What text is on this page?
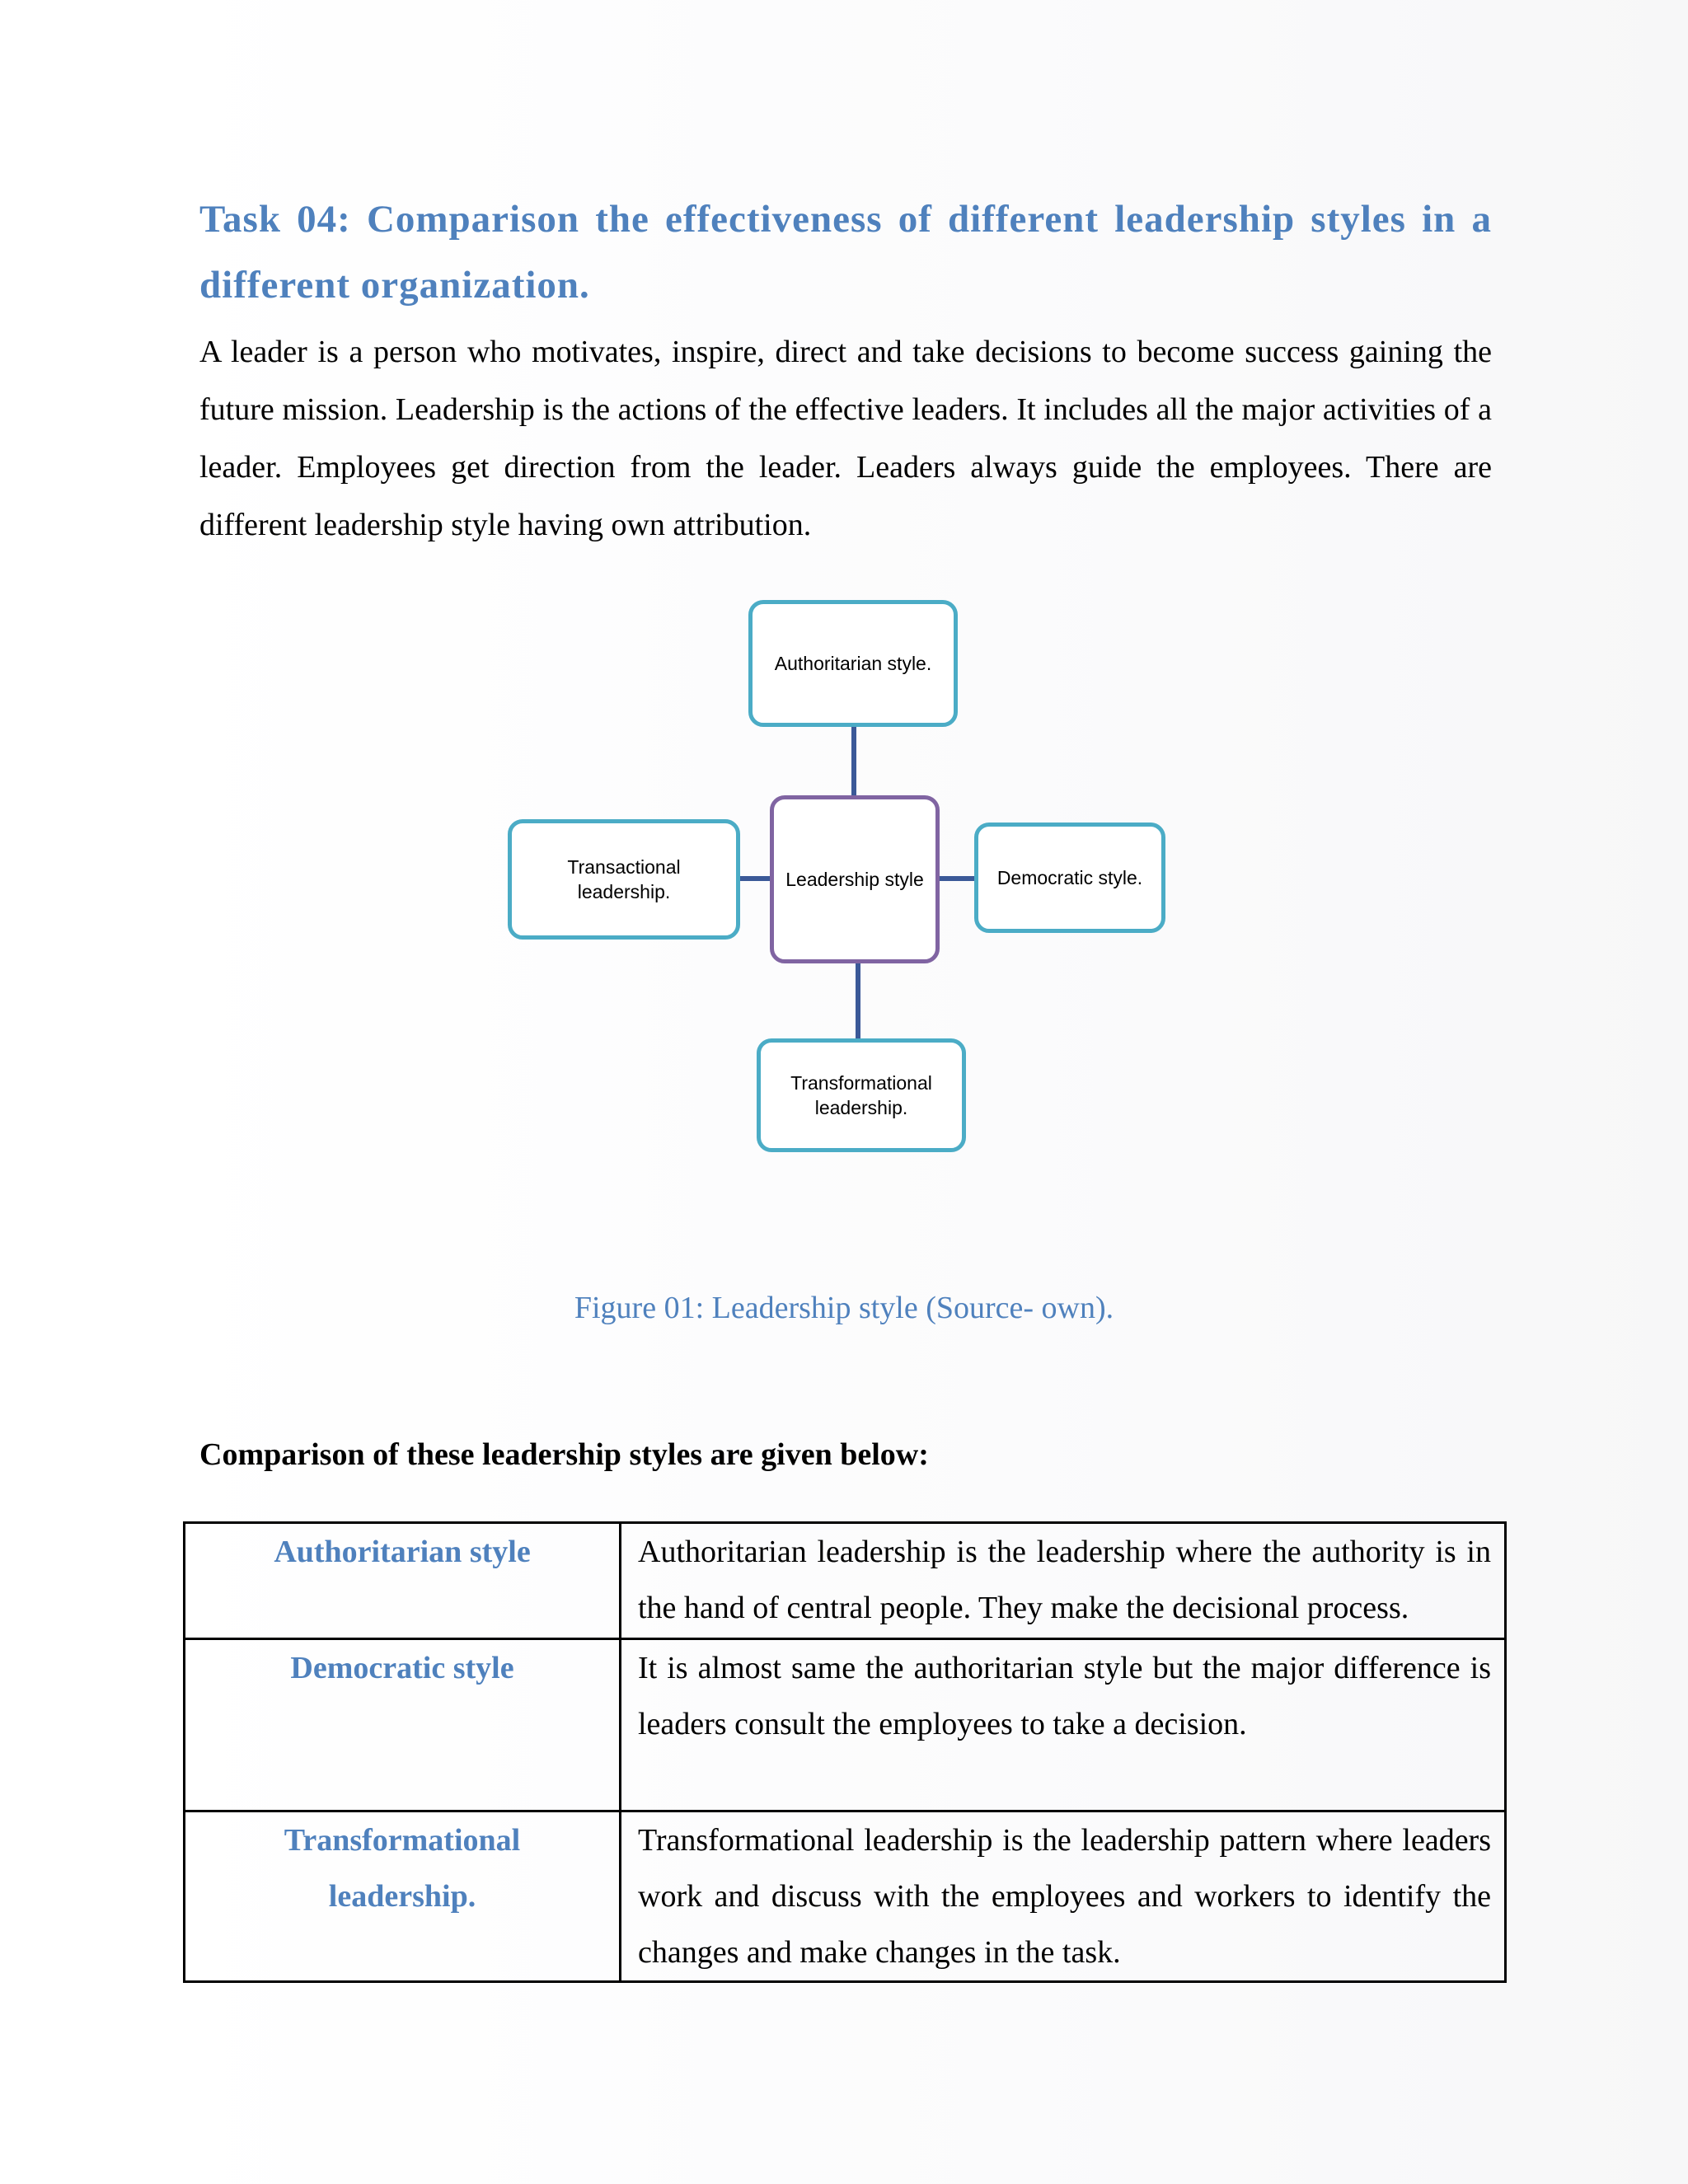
Task 04: Comparison the effectiveness of different leadership styles in a different organization.

A leader is a person who motivates, inspire, direct and take decisions to become success gaining the future mission. Leadership is the actions of the effective leaders. It includes all the major activities of a leader. Employees get direction from the leader. Leaders always guide the employees. There are different leadership style having own attribution.

Authoritarian style.
Leadership style
Transactional leadership.
Democratic style.
Transformational leadership.
Figure 01: Leadership style (Source- own).
Comparison of these leadership styles are given below:
Authoritarian style	Authoritarian leadership is the leadership where the authority is in the hand of central people. They make the decisional process.
Democratic style	It is almost same the authoritarian style but the major difference is leaders consult the employees to take a decision.
Transformational leadership.	Transformational leadership is the leadership pattern where leaders work and discuss with the employees and workers to identify the changes and make changes in the task.
